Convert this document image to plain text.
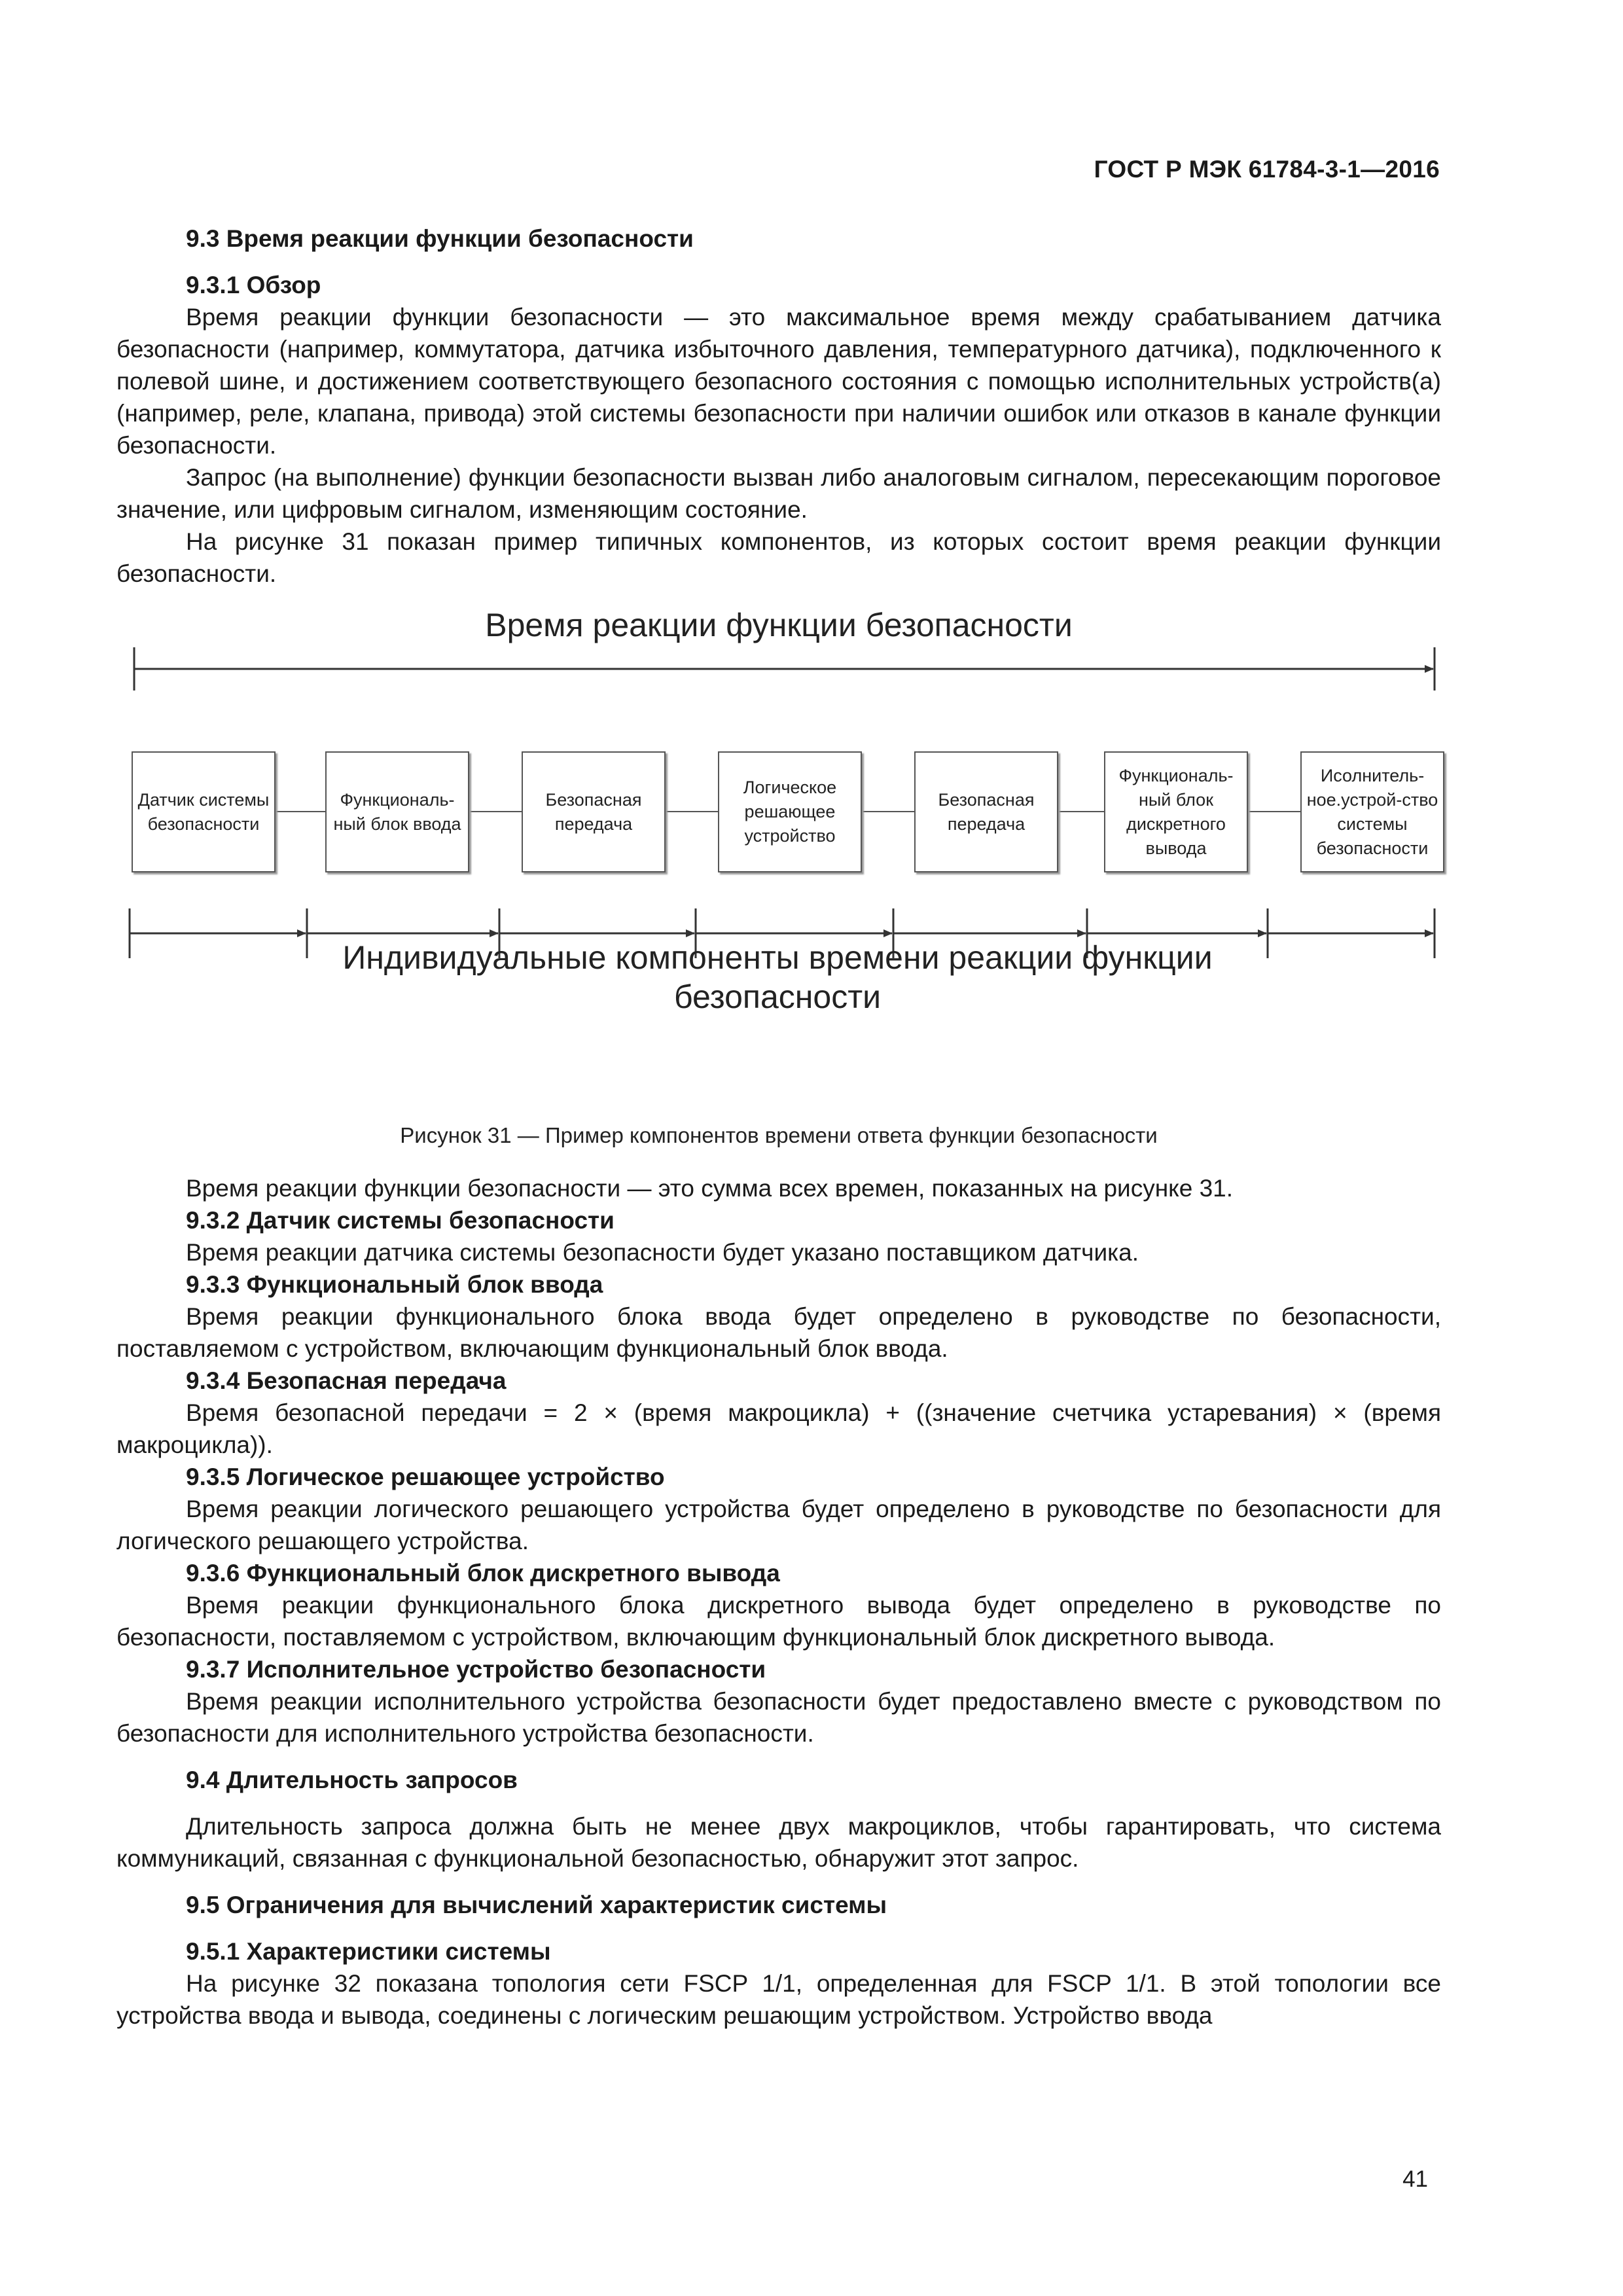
ГОСТ Р МЭК 61784-3-1—2016
9.3 Время реакции функции безопасности
9.3.1 Обзор

Время реакции функции безопасности — это максимальное время между срабатыванием датчика безопасности (например, коммутатора, датчика избыточного давления, температурного датчика), подключенного к полевой шине, и достижением соответствующего безопасного состояния с помощью исполнительных устройств(а) (например, реле, клапана, привода) этой системы безопасности при наличии ошибок или отказов в канале функции безопасности.

Запрос (на выполнение) функции безопасности вызван либо аналоговым сигналом, пересекающим пороговое значение, или цифровым сигналом, изменяющим состояние.

На рисунке 31 показан пример типичных компонентов, из которых состоит время реакции функции безопасности.

Время реакции функции безопасности
Датчик системы безопасности
Функциональ-ный блок ввода
Безопасная передача
Логическое решающее устройство
Безопасная передача
Функциональ-ный блок дискретного вывода
Исолнитель-ное.устрой-ство системы безопасности
Индивидуальные компоненты времени реакции функции безопасности
Рисунок 31 — Пример компонентов времени ответа функции безопасности

Время реакции функции безопасности — это сумма всех времен, показанных на рисунке 31.

9.3.2 Датчик системы безопасности

Время реакции датчика системы безопасности будет указано поставщиком датчика.

9.3.3 Функциональный блок ввода

Время реакции функционального блока ввода будет определено в руководстве по безопасности, поставляемом с устройством, включающим функциональный блок ввода.

9.3.4 Безопасная передача

Время безопасной передачи = 2 × (время макроцикла) + ((значение счетчика устаревания) × (время макроцикла)).

9.3.5 Логическое решающее устройство

Время реакции логического решающего устройства будет определено в руководстве по безопасности для логического решающего устройства.

9.3.6 Функциональный блок дискретного вывода

Время реакции функционального блока дискретного вывода будет определено в руководстве по безопасности, поставляемом с устройством, включающим функциональный блок дискретного вывода.

9.3.7 Исполнительное устройство безопасности

Время реакции исполнительного устройства безопасности будет предоставлено вместе с руководством по безопасности для исполнительного устройства безопасности.

9.4 Длительность запросов

Длительность запроса должна быть не менее двух макроциклов, чтобы гарантировать, что система коммуникаций, связанная с функциональной безопасностью, обнаружит этот запрос.

9.5 Ограничения для вычислений характеристик системы
9.5.1 Характеристики системы

На рисунке 32 показана топология сети FSCP 1/1, определенная для FSCP 1/1. В этой топологии все устройства ввода и вывода, соединены с логическим решающим устройством. Устройство ввода

41
